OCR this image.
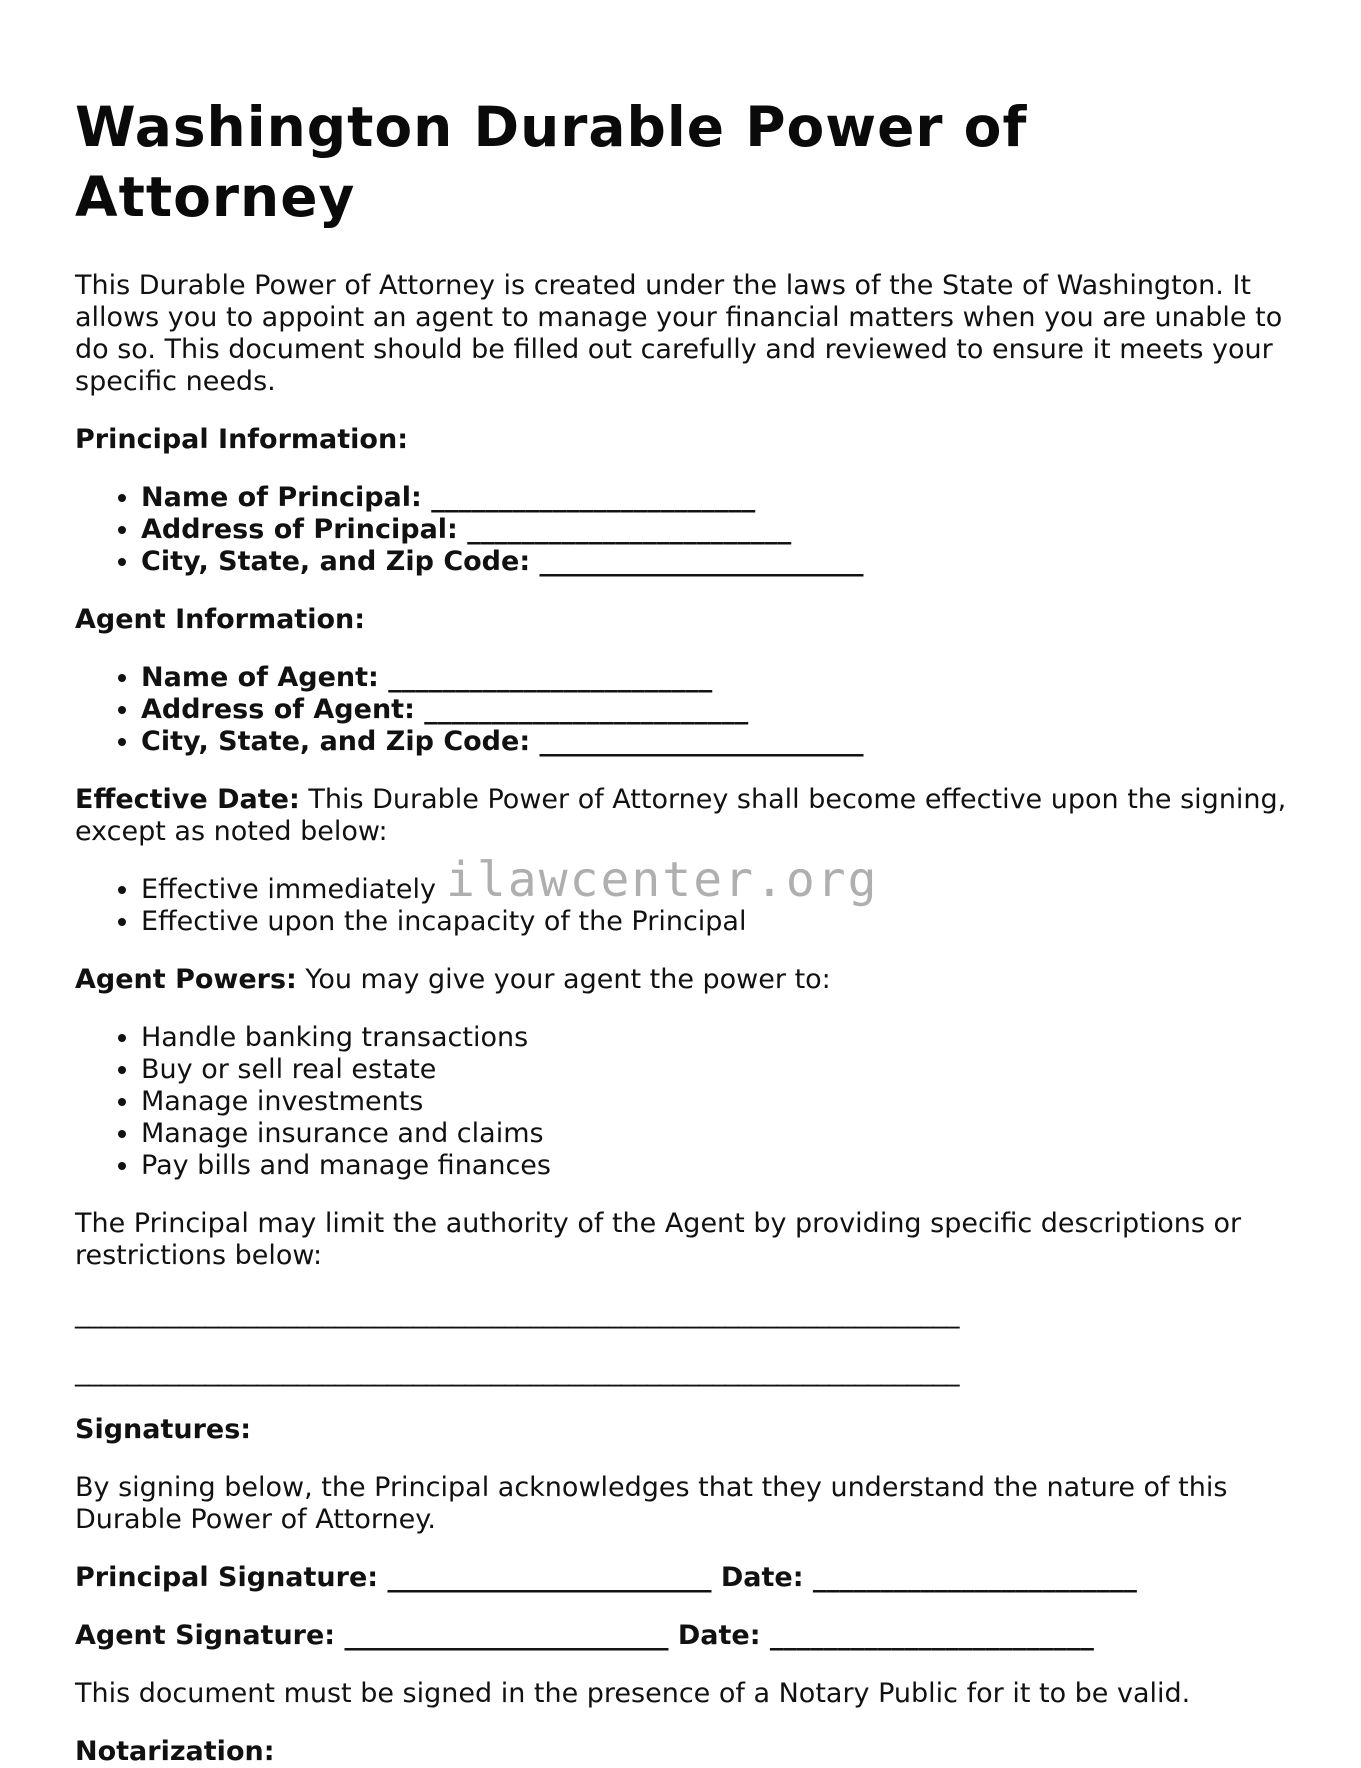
Washington Durable Power of Attorney

This Durable Power of Attorney is created under the laws of the State of Washington. It allows you to appoint an agent to manage your financial matters when you are unable to do so. This document should be filled out carefully and reviewed to ensure it meets your specific needs.

Principal Information:

• Name of Principal: ________________________
• Address of Principal: ________________________
• City, State, and Zip Code: ________________________

Agent Information:

• Name of Agent: ________________________
• Address of Agent: ________________________
• City, State, and Zip Code: ________________________

Effective Date: This Durable Power of Attorney shall become effective upon the signing, except as noted below:

• Effective immediately
• Effective upon the incapacity of the Principal

Agent Powers: You may give your agent the power to:

• Handle banking transactions
• Buy or sell real estate
• Manage investments
• Manage insurance and claims
• Pay bills and manage finances

The Principal may limit the authority of the Agent by providing specific descriptions or restrictions below:

____________________________________________________________________
____________________________________________________________________

Signatures:

By signing below, the Principal acknowledges that they understand the nature of this Durable Power of Attorney.

Principal Signature: ________________________ Date: ________________________

Agent Signature: ________________________ Date: ________________________

This document must be signed in the presence of a Notary Public for it to be valid.

Notarization:

ilawcenter.org
